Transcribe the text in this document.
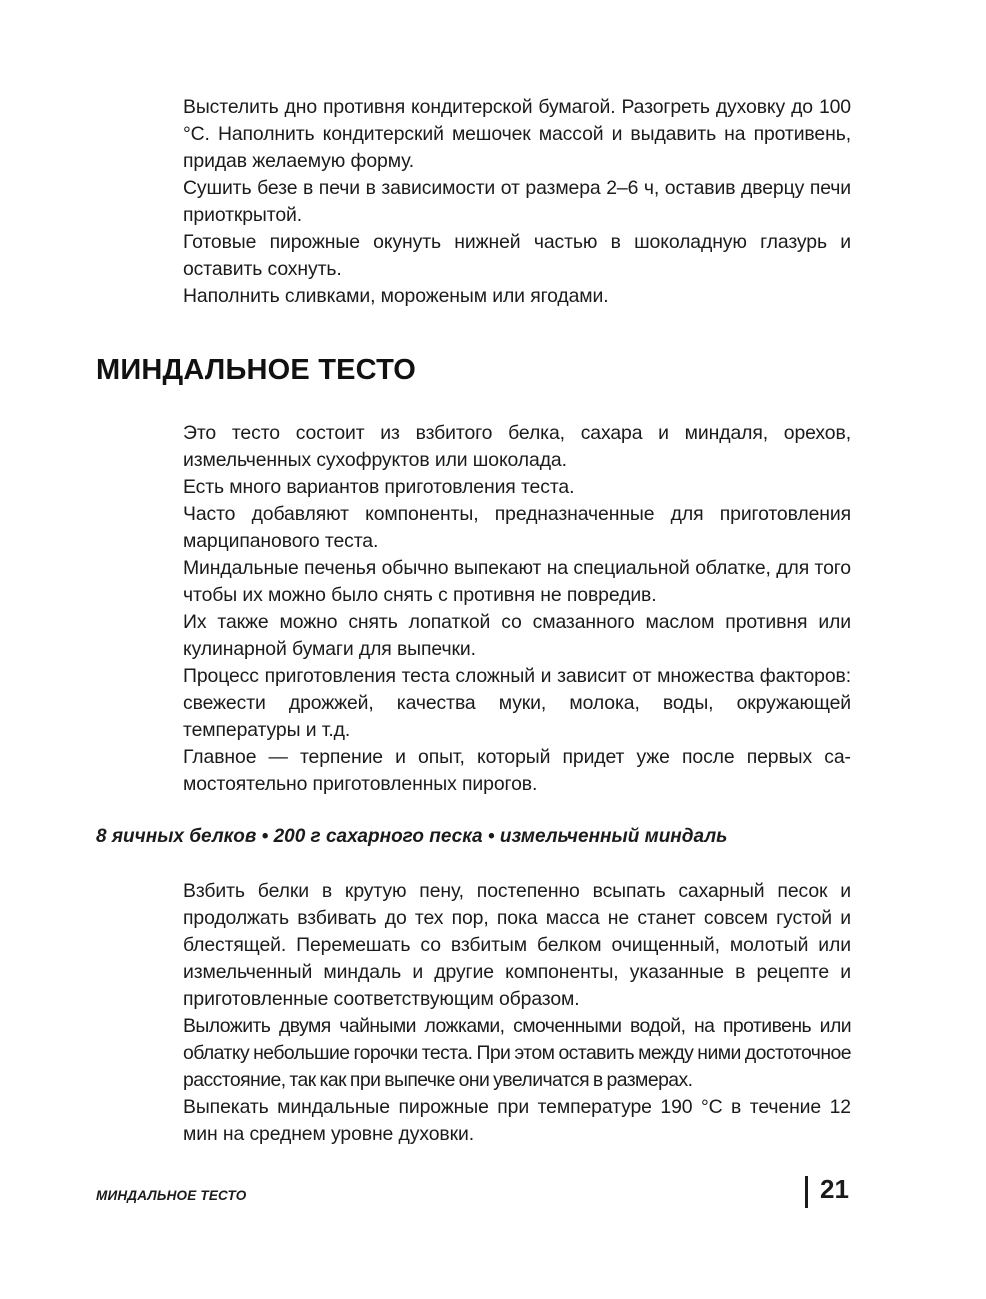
Выстелить дно противня кондитерской бумагой. Разогреть духовку до 100 °С. Наполнить кондитерский мешочек массой и выдавить на противень, придав желаемую форму.

Сушить безе в печи в зависимости от размера 2–6 ч, оставив дверцу печи приоткрытой.

Готовые пирожные окунуть нижней частью в шоколадную глазурь и оставить сохнуть.

Наполнить сливками, мороженым или ягодами.

МИНДАЛЬНОЕ ТЕСТО

Это тесто состоит из взбитого белка, сахара и миндаля, орехов, измельченных сухофруктов или шоколада.

Есть много вариантов приготовления теста.

Часто добавляют компоненты, предназначенные для приготовления марципанового теста.

Миндальные печенья обычно выпекают на специальной облатке, для того чтобы их можно было снять с противня не повредив.

Их также можно снять лопаткой со смазанного маслом противня или кулинарной бумаги для выпечки.

Процесс приготовления теста сложный и зависит от множества факторов: свежести дрожжей, качества муки, молока, воды, окружающей температуры и т.д.

Главное — терпение и опыт, который придет уже после первых самостоятельно приготовленных пирогов.

8 яичных белков • 200 г сахарного песка • измельченный миндаль

Взбить белки в крутую пену, постепенно всыпать сахарный песок и продолжать взбивать до тех пор, пока масса не станет совсем густой и блестящей. Перемешать со взбитым белком очищенный, молотый или измельченный миндаль и другие компоненты, указанные в рецепте и приготовленные соответствующим образом.

Выложить двумя чайными ложками, смоченными водой, на противень или облатку небольшие горочки теста. При этом оставить между ними достоточное расстояние, так как при выпечке они увеличатся в размерах.

Выпекать миндальные пирожные при температуре 190 °С в течение 12 мин на среднем уровне духовки.

МИНДАЛЬНОЕ ТЕСТО	21
